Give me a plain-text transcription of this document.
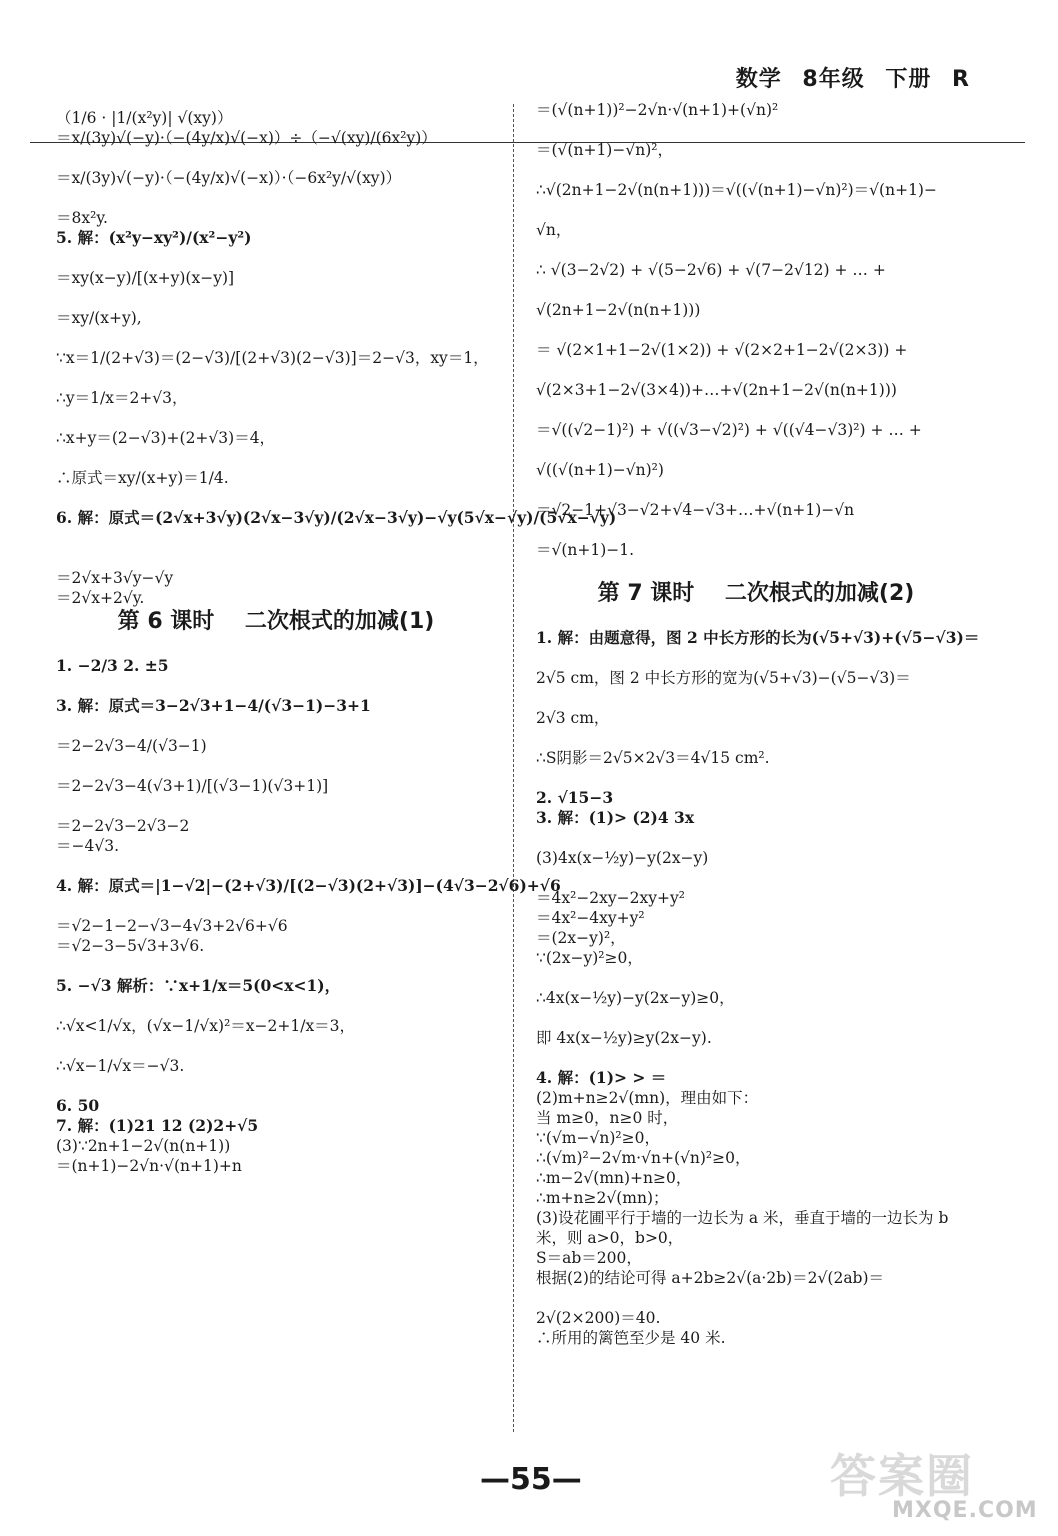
数学 8年级 下册 R
（1/6 · |1/(x²y)| √(xy)）
＝x/(3y)√(−y)·（−(4y/x)√(−x)）÷（−√(xy)/(6x²y)）
＝x/(3y)√(−y)·（−(4y/x)√(−x)）·（−6x²y/√(xy)）
＝8x²y.
5. 解：(x²y−xy²)/(x²−y²)
＝xy(x−y)/[(x+y)(x−y)]
＝xy/(x+y),
∵x＝1/(2+√3)＝(2−√3)/[(2+√3)(2−√3)]＝2−√3，xy＝1，
∴y＝1/x＝2+√3，
∴x+y＝(2−√3)+(2+√3)＝4，
∴原式＝xy/(x+y)＝1/4.
6. 解：原式＝(2√x+3√y)(2√x−3√y)/(2√x−3√y)−√y(5√x−√y)/(5√x−√y)
＝2√x+3√y−√y
＝2√x+2√y.
第 6 课时    二次根式的加减(1)
1. −2/3 2. ±5
3. 解：原式＝3−2√3+1−4/(√3−1)−3+1
＝2−2√3−4/(√3−1)
＝2−2√3−4(√3+1)/[(√3−1)(√3+1)]
＝2−2√3−2√3−2
＝−4√3.
4. 解：原式＝|1−√2|−(2+√3)/[(2−√3)(2+√3)]−(4√3−2√6)+√6
＝√2−1−2−√3−4√3+2√6+√6
＝√2−3−5√3+3√6.
5. −√3 解析：∵x+1/x＝5(0<x<1)，
∴√x<1/√x，(√x−1/√x)²＝x−2+1/x＝3，
∴√x−1/√x＝−√3.
6. 50
7. 解：(1)21 12 (2)2+√5
(3)∵2n+1−2√(n(n+1))
＝(n+1)−2√n·√(n+1)+n
＝(√(n+1))²−2√n·√(n+1)+(√n)²
＝(√(n+1)−√n)²，
∴√(2n+1−2√(n(n+1)))＝√((√(n+1)−√n)²)＝√(n+1)−
√n，
∴ √(3−2√2) + √(5−2√6) + √(7−2√12) + … +
√(2n+1−2√(n(n+1)))
＝ √(2×1+1−2√(1×2)) + √(2×2+1−2√(2×3)) +
√(2×3+1−2√(3×4))+…+√(2n+1−2√(n(n+1)))
＝√((√2−1)²) + √((√3−√2)²) + √((√4−√3)²) + … +
√((√(n+1)−√n)²)
＝√2−1+√3−√2+√4−√3+…+√(n+1)−√n
＝√(n+1)−1.
第 7 课时    二次根式的加减(2)
1. 解：由题意得，图 2 中长方形的长为(√5+√3)+(√5−√3)＝
2√5 cm，图 2 中长方形的宽为(√5+√3)−(√5−√3)＝
2√3 cm，
∴S阴影＝2√5×2√3＝4√15 cm².
2. √15−3
3. 解：(1)> (2)4 3x
(3)4x(x−½y)−y(2x−y)
＝4x²−2xy−2xy+y²
＝4x²−4xy+y²
＝(2x−y)²，
∵(2x−y)²≥0，
∴4x(x−½y)−y(2x−y)≥0，
即 4x(x−½y)≥y(2x−y).
4. 解：(1)> > ＝
(2)m+n≥2√(mn)，理由如下：
当 m≥0，n≥0 时，
∵(√m−√n)²≥0，
∴(√m)²−2√m·√n+(√n)²≥0，
∴m−2√(mn)+n≥0，
∴m+n≥2√(mn)；
(3)设花圃平行于墙的一边长为 a 米，垂直于墙的一边长为 b
米，则 a>0，b>0，
S＝ab＝200，
根据(2)的结论可得 a+2b≥2√(a·2b)＝2√(2ab)＝
2√(2×200)＝40.
∴所用的篱笆至少是 40 米.
—55—	答案圈
MXQE.COM
